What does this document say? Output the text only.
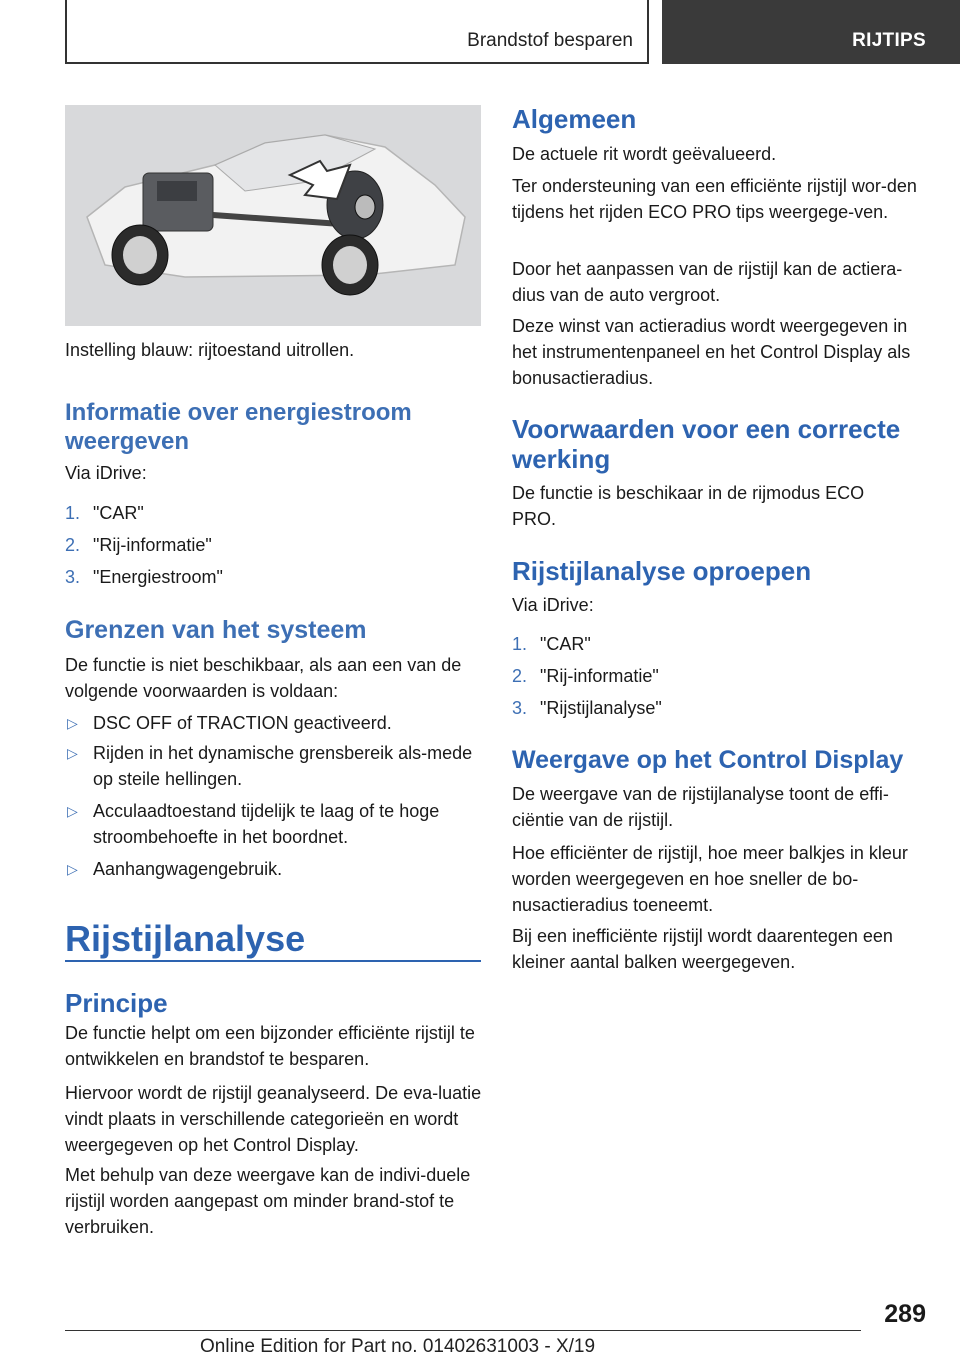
Brandstof besparen	RIJTIPS
Instelling blauw: rijtoestand uitrollen.
Informatie over energiestroom weergeven

Via iDrive:

1. "CAR"
2. "Rij-informatie"
3. "Energiestroom"
Grenzen van het systeem

De functie is niet beschikbaar, als aan een van de volgende voorwaarden is voldaan:

▷ DSC OFF of TRACTION geactiveerd.
▷ Rijden in het dynamische grensbereik als-mede op steile hellingen.
▷ Acculaadtoestand tijdelijk te laag of te hoge stroombehoefte in het boordnet.
▷ Aanhangwagengebruik.
Rijstijlanalyse
Principe

De functie helpt om een bijzonder efficiënte rijstijl te ontwikkelen en brandstof te besparen.

Hiervoor wordt de rijstijl geanalyseerd. De eva-luatie vindt plaats in verschillende categorieën en wordt weergegeven op het Control Display.

Met behulp van deze weergave kan de indivi-duele rijstijl worden aangepast om minder brand-stof te verbruiken.

Algemeen

De actuele rit wordt geëvalueerd.

Ter ondersteuning van een efficiënte rijstijl wor-den tijdens het rijden ECO PRO tips weergege-ven.

Door het aanpassen van de rijstijl kan de actiera-dius van de auto vergroot.

Deze winst van actieradius wordt weergegeven in het instrumentenpaneel en het Control Display als bonusactieradius.

Voorwaarden voor een correcte werking

De functie is beschikaar in de rijmodus ECO PRO.

Rijstijlanalyse oproepen

Via iDrive:

1. "CAR"
2. "Rij-informatie"
3. "Rijstijlanalyse"
Weergave op het Control Display

De weergave van de rijstijlanalyse toont de effi-ciëntie van de rijstijl.

Hoe efficiënter de rijstijl, hoe meer balkjes in kleur worden weergegeven en hoe sneller de bo-nusactieradius toeneemt.

Bij een inefficiënte rijstijl wordt daarentegen een kleiner aantal balken weergegeven.

289
Online Edition for Part no. 01402631003 - X/19
